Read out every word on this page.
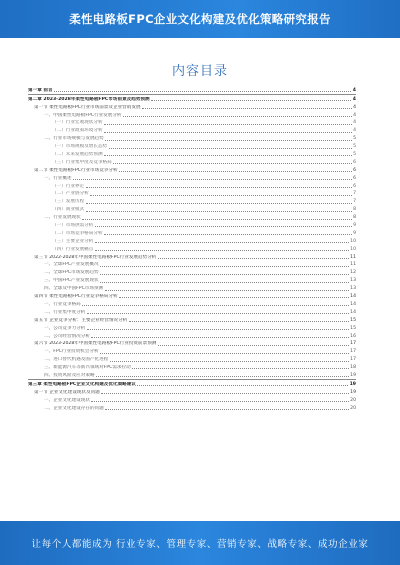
柔性电路板FPC企业文化构建及优化策略研究报告
内容目录
第一章 前言	4
第二章 2023-2028年柔性电路板FPC市场前景及趋势预测	4
第一节 柔性电路板FPC行业市场前景及企业营销发展	4
一、中国柔性电路板FPC行业发展分析	4
（一）行业宏观现状分析	4
（二）行业政策环境分析	4
二、行业市场规模与发展趋势	5
（一）市场规模及增长态势	5
（二）未来发展趋势预测	5
（三）行业集中度及竞争格局	6
第二节 柔性电路板FPC行业市场竞争分析	6
一、行业概述	6
（一）行业界定	6
（二）产业链分析	7
（三）发展历程	7
（四）商业模式	8
二、行业发展现状	8
（一）市场供需分析	9
（二）市场竞争格局分析	9
（三）主要企业分析	10
（四）行业发展痛点	10
第三节 2022-2028年中国柔性电路板FPC行业发展趋势分析	11
一、全球FPC产业发展概况	11
二、全球FPC市场发展趋势	12
三、中国FPC产业发展现状	13
四、全球及中国FPC市场预测	13
第四节 柔性电路板FPC行业竞争格局分析	14
一、行业竞争格局	14
二、行业集中度分析	14
第五节 企业竞争分析：主要企业经营情况分析	15
一、公司竞争力分析	15
二、公司经营情况分析	16
第六节 2023-2028年中国柔性电路板FPC行业投资前景预测	17
一、FPC行业投资机会分析	17
二、进口替代机遇及国产化进程	17
三、新能源汽车等新兴领域对FPC需求拉动	18
四、投资风险及应对策略	19
第三章 柔性电路板FPC企业文化构建及优化策略建议	19
第一节 企业文化建设现状及问题	19
一、企业文化建设现状	20
二、企业文化建设存在的问题	20
让每个人都能成为 行业专家、管理专家、营销专家、战略专家、成功企业家
